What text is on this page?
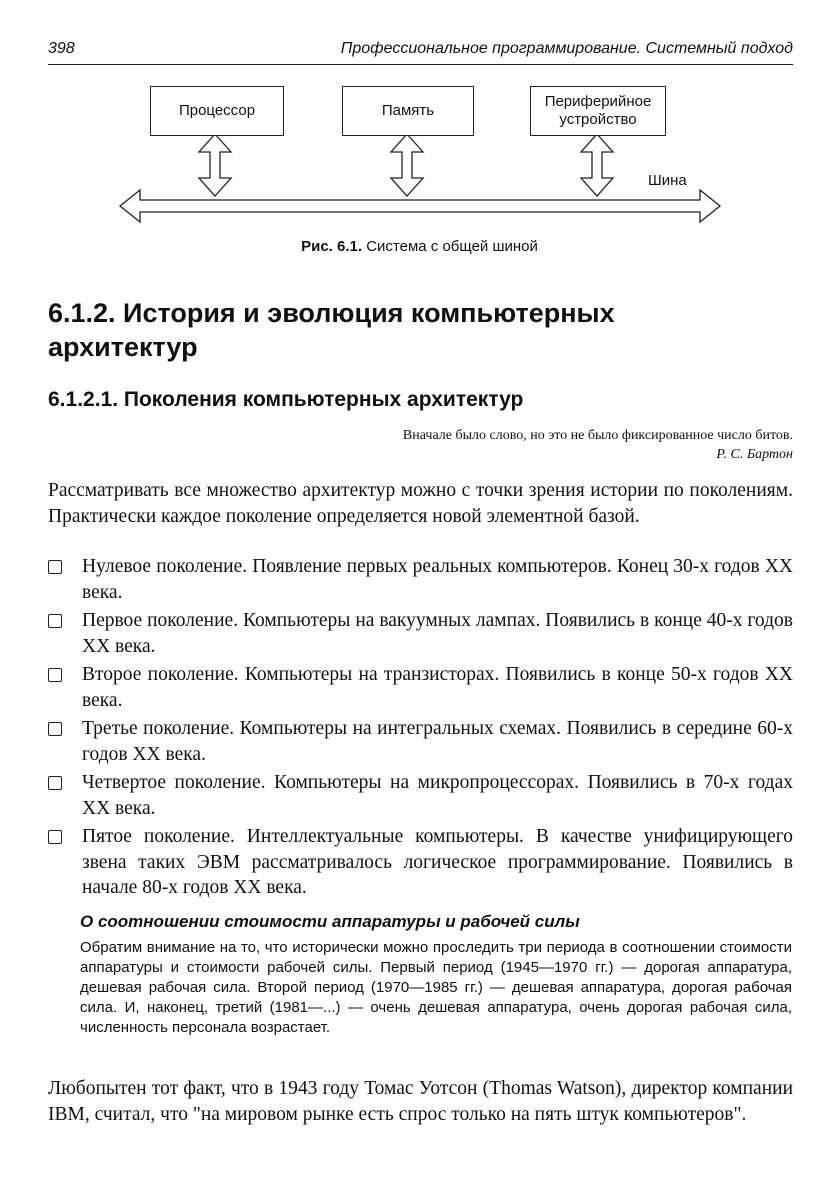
398	Профессиональное программирование. Системный подход
Процессор	Память
Периферийное устройство
Шина
Рис. 6.1. Система с общей шиной
6.1.2. История и эволюция компьютерных архитектур
6.1.2.1. Поколения компьютерных архитектур
Вначале было слово, но это не было фиксированное число битов.
Р. С. Бартон
Рассматривать все множество архитектур можно с точки зрения истории по поколениям. Практически каждое поколение определяется новой элементной базой.
Нулевое поколение. Появление первых реальных компьютеров. Конец 30-х годов XX века.
Первое поколение. Компьютеры на вакуумных лампах. Появились в конце 40-х годов XX века.
Второе поколение. Компьютеры на транзисторах. Появились в конце 50-х годов XX века.
Третье поколение. Компьютеры на интегральных схемах. Появились в середине 60-х годов XX века.
Четвертое поколение. Компьютеры на микропроцессорах. Появились в 70-х годах XX века.
Пятое поколение. Интеллектуальные компьютеры. В качестве унифицирующего звена таких ЭВМ рассматривалось логическое программирование. Появились в начале 80-х годов XX века.
О соотношении стоимости аппаратуры и рабочей силы
Обратим внимание на то, что исторически можно проследить три периода в соотношении стоимости аппаратуры и стоимости рабочей силы. Первый период (1945—1970 гг.) — дорогая аппаратура, дешевая рабочая сила. Второй период (1970—1985 гг.) — дешевая аппаратура, дорогая рабочая сила. И, наконец, третий (1981—...) — очень дешевая аппаратура, очень дорогая рабочая сила, численность персонала возрастает.
Любопытен тот факт, что в 1943 году Томас Уотсон (Thomas Watson), директор компании IBM, считал, что "на мировом рынке есть спрос только на пять штук компьютеров".
